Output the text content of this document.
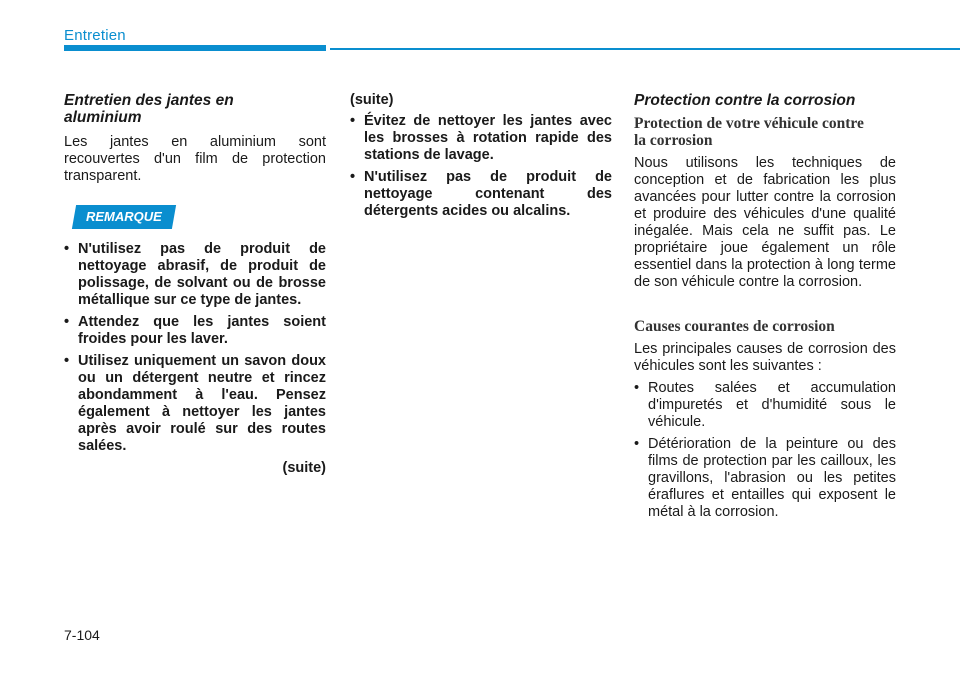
Entretien
Entretien des jantes en
aluminium

Les jantes en aluminium sont recouvertes d'un film de protection transparent.

REMARQUE
• N'utilisez pas de produit de nettoyage abrasif, de produit de polissage, de solvant ou de brosse métallique sur ce type de jantes.
• Attendez que les jantes soient froides pour les laver.
• Utilisez uniquement un savon doux ou un détergent neutre et rincez abondamment à l'eau. Pensez également à nettoyer les jantes après avoir roulé sur des routes salées.
(suite)
(suite)
• Évitez de nettoyer les jantes avec les brosses à rotation rapide des stations de lavage.
• N'utilisez pas de produit de nettoyage contenant des détergents acides ou alcalins.
Protection contre la corrosion
Protection de votre véhicule contre
la corrosion

Nous utilisons les techniques de conception et de fabrication les plus avancées pour lutter contre la corrosion et produire des véhicules d'une qualité inégalée. Mais cela ne suffit pas. Le propriétaire joue également un rôle essentiel dans la protection à long terme de son véhicule contre la corrosion.

Causes courantes de corrosion

Les principales causes de corrosion des véhicules sont les suivantes :

• Routes salées et accumulation d'impuretés et d'humidité sous le véhicule.
• Détérioration de la peinture ou des films de protection par les cailloux, les gravillons, l'abrasion ou les petites éraflures et entailles qui exposent le métal à la corrosion.
7-104
